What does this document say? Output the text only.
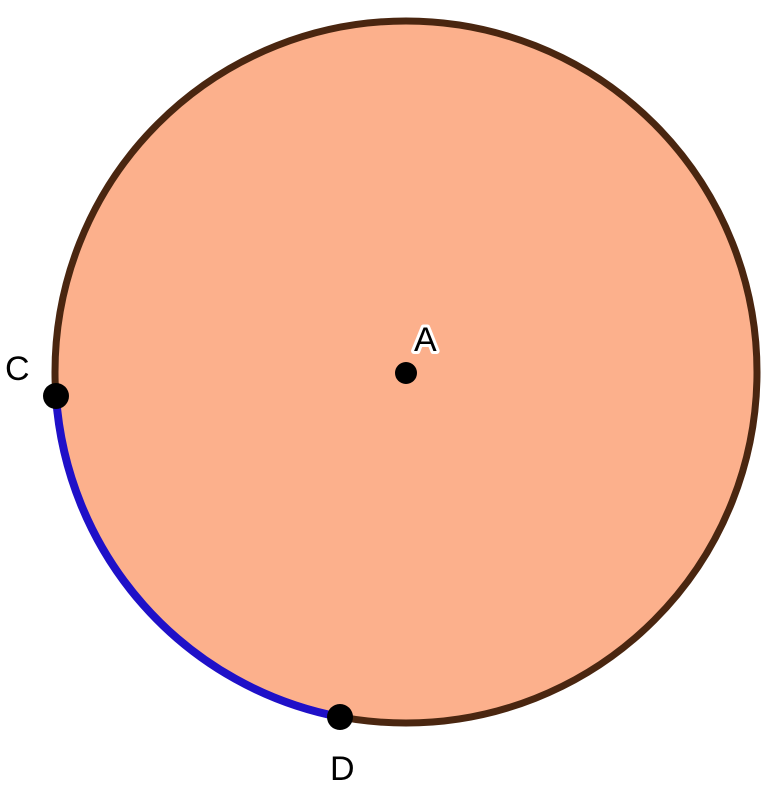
A
C
D
